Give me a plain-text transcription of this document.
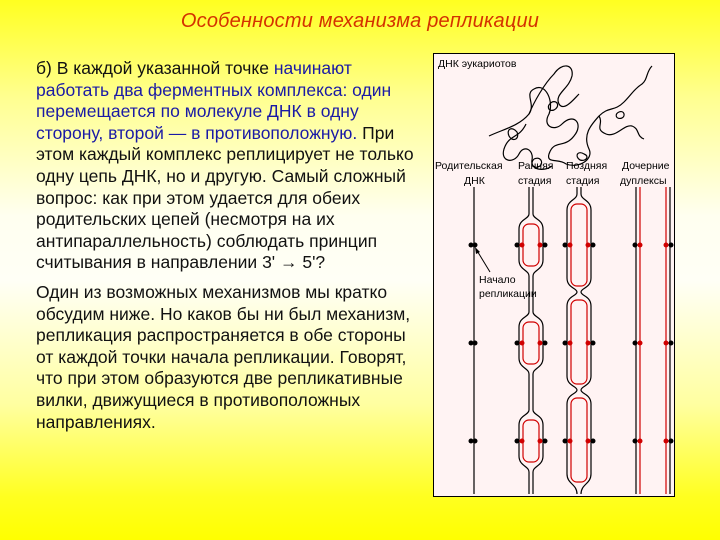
Особенности механизма репликации

б) В каждой указанной точке начинают работать два ферментных комплекса: один перемещается по молекуле ДНК в одну сторону, второй — в противоположную. При этом каждый комплекс реплицирует не только одну цепь ДНК, но и другую. Самый сложный вопрос: как при этом удается для обеих родительских цепей (несмотря на их антипараллельность) соблюдать принцип считывания в направлении 3' → 5'?

Один из возможных механизмов мы кратко обсудим ниже. Но каков бы ни был механизм, репликация распространяется в обе стороны от каждой точки начала репликации. Говорят, что при этом образуются две репликативные вилки, движущиеся в противоположных направлениях.

ДНК эукариотов
Родительская
ДНК
Ранняя
стадия
Поздняя
стадия
Дочерние
дуплексы
Начало
репликации
